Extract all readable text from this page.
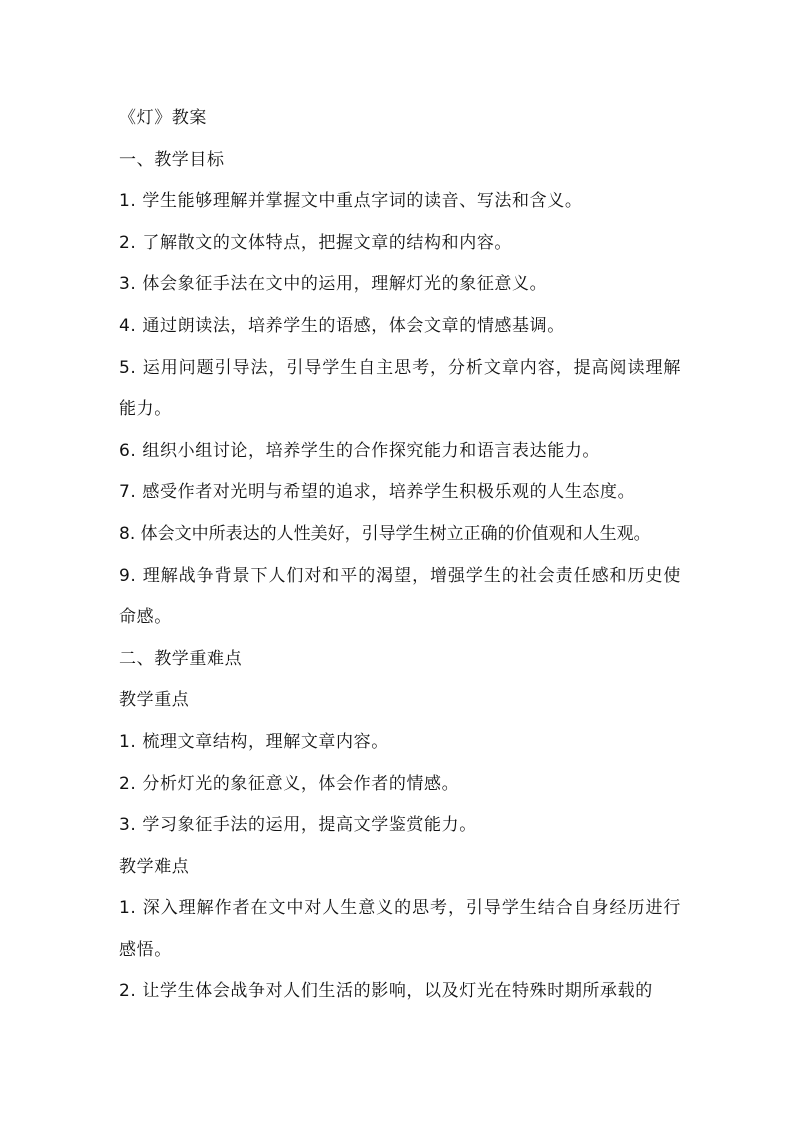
《灯》教案
一、教学目标
1. 学生能够理解并掌握文中重点字词的读音、写法和含义。
2. 了解散文的文体特点，把握文章的结构和内容。
3. 体会象征手法在文中的运用，理解灯光的象征意义。
4. 通过朗读法，培养学生的语感，体会文章的情感基调。
5. 运用问题引导法，引导学生自主思考，分析文章内容，提高阅读理解能力。
6. 组织小组讨论，培养学生的合作探究能力和语言表达能力。
7. 感受作者对光明与希望的追求，培养学生积极乐观的人生态度。
8. 体会文中所表达的人性美好，引导学生树立正确的价值观和人生观。
9. 理解战争背景下人们对和平的渴望，增强学生的社会责任感和历史使命感。
二、教学重难点
教学重点
1. 梳理文章结构，理解文章内容。
2. 分析灯光的象征意义，体会作者的情感。
3. 学习象征手法的运用，提高文学鉴赏能力。
教学难点
1. 深入理解作者在文中对人生意义的思考，引导学生结合自身经历进行感悟。
2. 让学生体会战争对人们生活的影响，以及灯光在特殊时期所承载的
